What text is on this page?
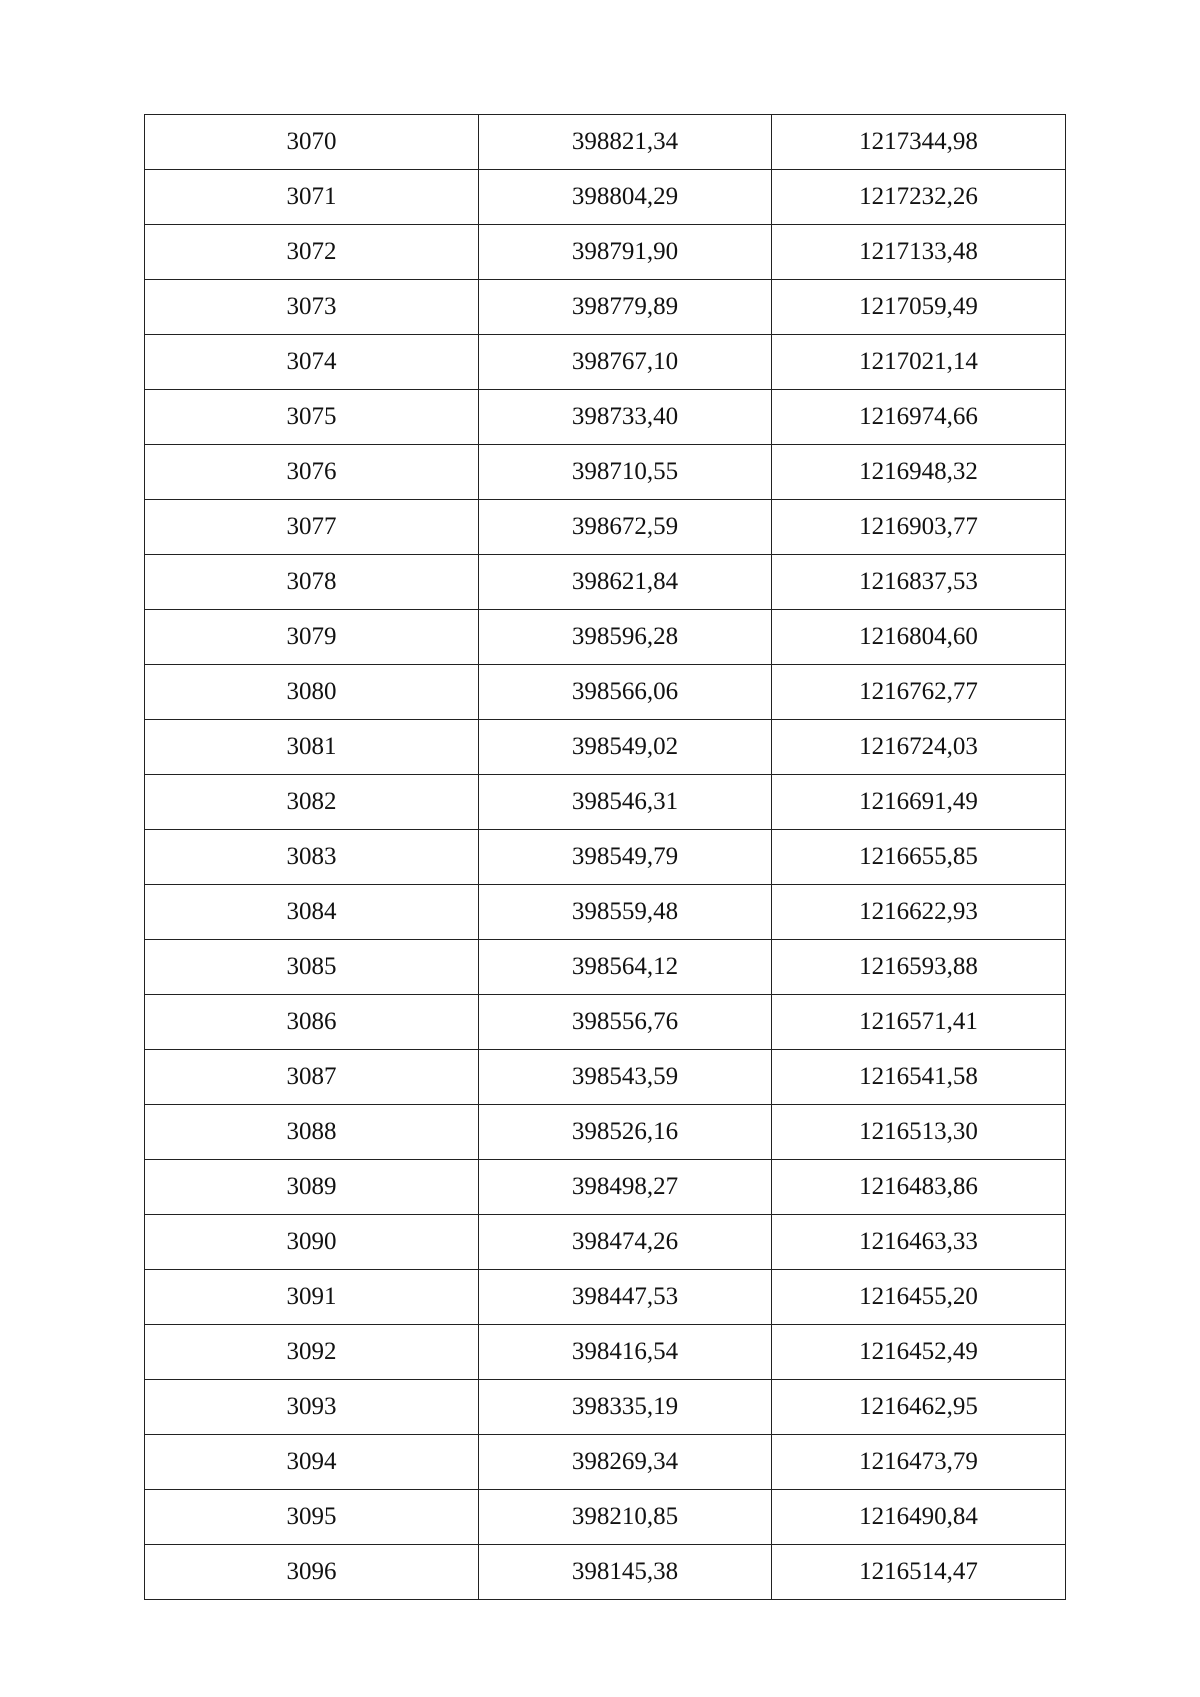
3070	398821,34	1217344,98
3071	398804,29	1217232,26
3072	398791,90	1217133,48
3073	398779,89	1217059,49
3074	398767,10	1217021,14
3075	398733,40	1216974,66
3076	398710,55	1216948,32
3077	398672,59	1216903,77
3078	398621,84	1216837,53
3079	398596,28	1216804,60
3080	398566,06	1216762,77
3081	398549,02	1216724,03
3082	398546,31	1216691,49
3083	398549,79	1216655,85
3084	398559,48	1216622,93
3085	398564,12	1216593,88
3086	398556,76	1216571,41
3087	398543,59	1216541,58
3088	398526,16	1216513,30
3089	398498,27	1216483,86
3090	398474,26	1216463,33
3091	398447,53	1216455,20
3092	398416,54	1216452,49
3093	398335,19	1216462,95
3094	398269,34	1216473,79
3095	398210,85	1216490,84
3096	398145,38	1216514,47
